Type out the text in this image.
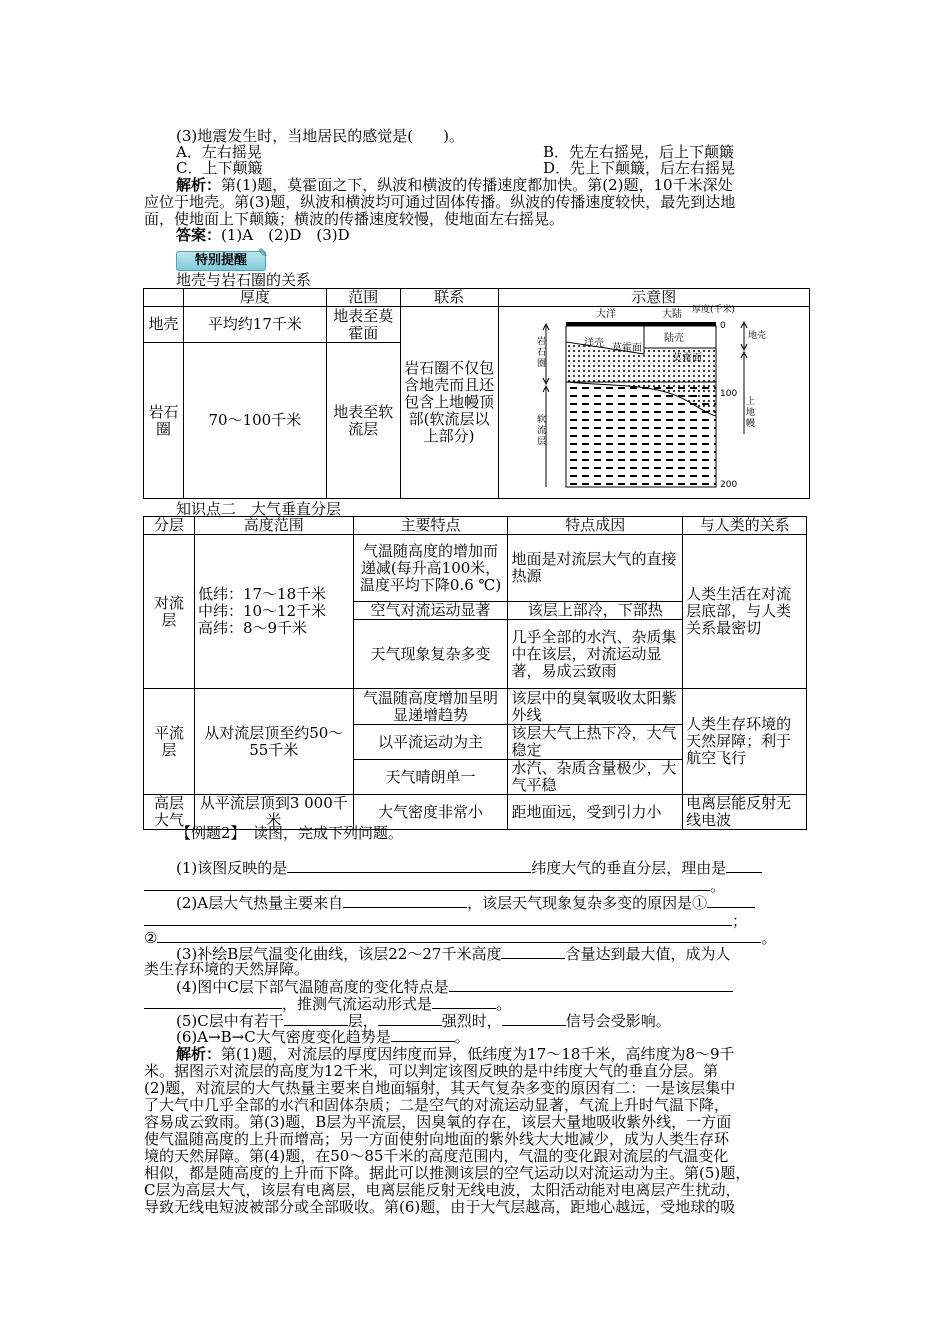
(3)地震发生时，当地居民的感觉是(　　)。
A．左右摇晃	B．先左右摇晃，后上下颠簸
C．上下颠簸	D．先上下颠簸，后左右摇晃
解析：第(1)题，莫霍面之下，纵波和横波的传播速度都加快。第(2)题，10千米深处
应位于地壳。第(3)题，纵波和横波均可通过固体传播。纵波的传播速度较快，最先到达地
面，使地面上下颠簸；横波的传播速度较慢，使地面左右摇晃。
答案：(1)A　(2)D　(3)D
特别提醒 ✎
地壳与岩石圈的关系
	厚度	范围	联系	示意图
地壳	平均约17千米	地表至莫霍面	岩石圈不仅包含地壳而且还包含上地幔顶部(软流层以上部分)	
岩石圈	70～100千米	地表至软流层		
陆壳
洋壳 莫霍面
莫霍面
大洋	大陆 厚度(千米)
0
100
200
岩石圈
软流层
地壳
上地幔
知识点二　大气垂直分层
分层	高度范围	主要特点	特点成因	与人类的关系
对流层	低纬：17～18千米
中纬：10～12千米
高纬：8～9千米	气温随高度的增加而递减(每升高100米，温度平均下降0.6 ℃)	地面是对流层大气的直接热源	人类生活在对流层底部，与人类关系最密切
		空气对流运动显著	该层上部冷，下部热	
		天气现象复杂多变	几乎全部的水汽、杂质集中在该层，对流运动显著，易成云致雨	
平流层	从对流层顶至约50～55千米	气温随高度增加呈明显递增趋势	该层中的臭氧吸收太阳紫外线	人类生存环境的天然屏障；利于航空飞行
		以平流运动为主	该层大气上热下冷，大气稳定	
		天气晴朗单一	水汽、杂质含量极少，大气平稳	
高层大气	从平流层顶到3 000千米	大气密度非常小	距地面远，受到引力小	电离层能反射无线电波
【例题2】　读图，完成下列问题。
(1)该图反映的是	纬度大气的垂直分层，理由是
。
(2)A层大气热量主要来自	，该层天气现象复杂多变的原因是①
；
②	。
(3)补绘B层气温变化曲线，该层22～27千米高度	含量达到最大值，成为人
类生存环境的天然屏障。
(4)图中C层下部气温随高度的变化特点是
，推测气流运动形式是	。
(5)C层中有若干	层，	强烈时，	信号会受影响。
(6)A→B→C大气密度变化趋势是	。
解析：第(1)题，对流层的厚度因纬度而异，低纬度为17～18千米，高纬度为8～9千
米。据图示对流层的高度为12千米，可以判定该图反映的是中纬度大气的垂直分层。第
(2)题，对流层的大气热量主要来自地面辐射，其天气复杂多变的原因有二：一是该层集中
了大气中几乎全部的水汽和固体杂质；二是空气的对流运动显著，气流上升时气温下降，
容易成云致雨。第(3)题，B层为平流层，因臭氧的存在，该层大量地吸收紫外线，一方面
使气温随高度的上升而增高；另一方面使射向地面的紫外线大大地减少，成为人类生存环
境的天然屏障。第(4)题，在50～85千米的高度范围内，气温的变化跟对流层的气温变化
相似，都是随高度的上升而下降。据此可以推测该层的空气运动以对流运动为主。第(5)题，
C层为高层大气，该层有电离层，电离层能反射无线电波，太阳活动能对电离层产生扰动，
导致无线电短波被部分或全部吸收。第(6)题，由于大气层越高，距地心越远，受地球的吸
